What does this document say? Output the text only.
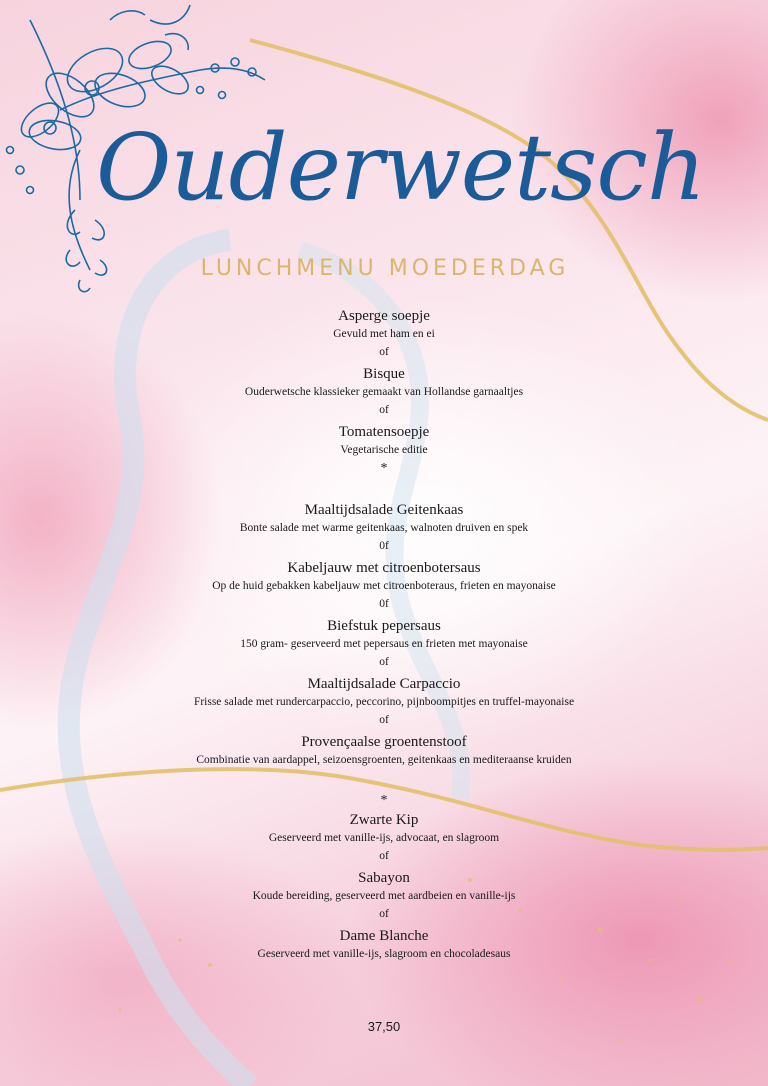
Ouderwetsch
LUNCHMENU MOEDERDAG
Asperge soepje
Gevuld met ham en ei
of
Bisque
Ouderwetsche klassieker gemaakt van Hollandse garnaaltjes
of
Tomatensoepje
Vegetarische editie
*
Maaltijdsalade Geitenkaas
Bonte salade met warme geitenkaas, walnoten druiven en spek
0f
Kabeljauw met citroenbotersaus
Op de huid gebakken kabeljauw met citroenboteraus, frieten en mayonaise
0f
Biefstuk pepersaus
150 gram- geserveerd met pepersaus en frieten met mayonaise
of
Maaltijdsalade Carpaccio
Frisse salade met rundercarpaccio, peccorino, pijnboompitjes en truffel-mayonaise
of
Provençaalse groentenstoof
Combinatie van aardappel, seizoensgroenten, geitenkaas en mediteraanse kruiden
*
Zwarte Kip
Geserveerd met vanille-ijs, advocaat, en slagroom
of
Sabayon
Koude bereiding, geserveerd met aardbeien en vanille-ijs
of
Dame Blanche
Geserveerd met vanille-ijs, slagroom en chocoladesaus
37,50
